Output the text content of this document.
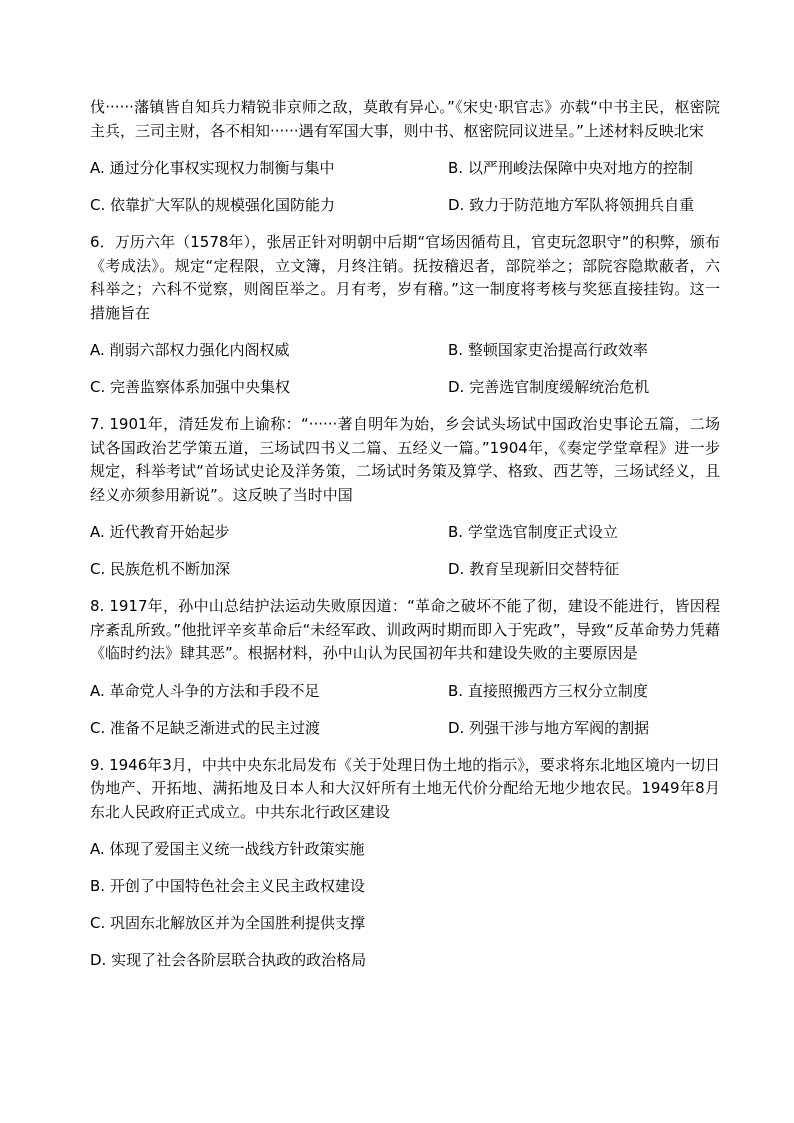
伐······藩镇皆自知兵力精锐非京师之敌，莫敢有异心。”《宋史·职官志》亦载“中书主民，枢密院主兵，三司主财，各不相知······遇有军国大事，则中书、枢密院同议进呈。”上述材料反映北宋

A. 通过分化事权实现权力制衡与集中	B. 以严刑峻法保障中央对地方的控制
C. 依靠扩大军队的规模强化国防能力	D. 致力于防范地方军队将领拥兵自重

6．万历六年（1578年），张居正针对明朝中后期“官场因循苟且，官吏玩忽职守”的积弊，颁布《考成法》。规定“定程限，立文簿，月终注销。抚按稽迟者，部院举之；部院容隐欺蔽者，六科举之；六科不觉察，则阁臣举之。月有考，岁有稽。”这一制度将考核与奖惩直接挂钩。这一措施旨在

A. 削弱六部权力强化内阁权威	B. 整顿国家吏治提高行政效率
C. 完善监察体系加强中央集权	D. 完善选官制度缓解统治危机

7. 1901年，清廷发布上谕称：“······著自明年为始，乡会试头场试中国政治史事论五篇，二场试各国政治艺学策五道，三场试四书义二篇、五经义一篇。”1904年，《奏定学堂章程》进一步规定，科举考试“首场试史论及洋务策，二场试时务策及算学、格致、西艺等，三场试经义，且经义亦须参用新说”。这反映了当时中国

A. 近代教育开始起步	B. 学堂选官制度正式设立
C. 民族危机不断加深	D. 教育呈现新旧交替特征

8. 1917年，孙中山总结护法运动失败原因道：“革命之破坏不能了彻，建设不能进行，皆因程序紊乱所致。”他批评辛亥革命后“未经军政、训政两时期而即入于宪政”，导致“反革命势力凭藉《临时约法》肆其恶”。根据材料，孙中山认为民国初年共和建设失败的主要原因是

A. 革命党人斗争的方法和手段不足	B. 直接照搬西方三权分立制度
C. 准备不足缺乏渐进式的民主过渡	D. 列强干涉与地方军阀的割据

9. 1946年3月，中共中央东北局发布《关于处理日伪土地的指示》，要求将东北地区境内一切日伪地产、开拓地、满拓地及日本人和大汉奸所有土地无代价分配给无地少地农民。1949年8月东北人民政府正式成立。中共东北行政区建设

A. 体现了爱国主义统一战线方针政策实施
B. 开创了中国特色社会主义民主政权建设
C. 巩固东北解放区并为全国胜利提供支撑
D. 实现了社会各阶层联合执政的政治格局
